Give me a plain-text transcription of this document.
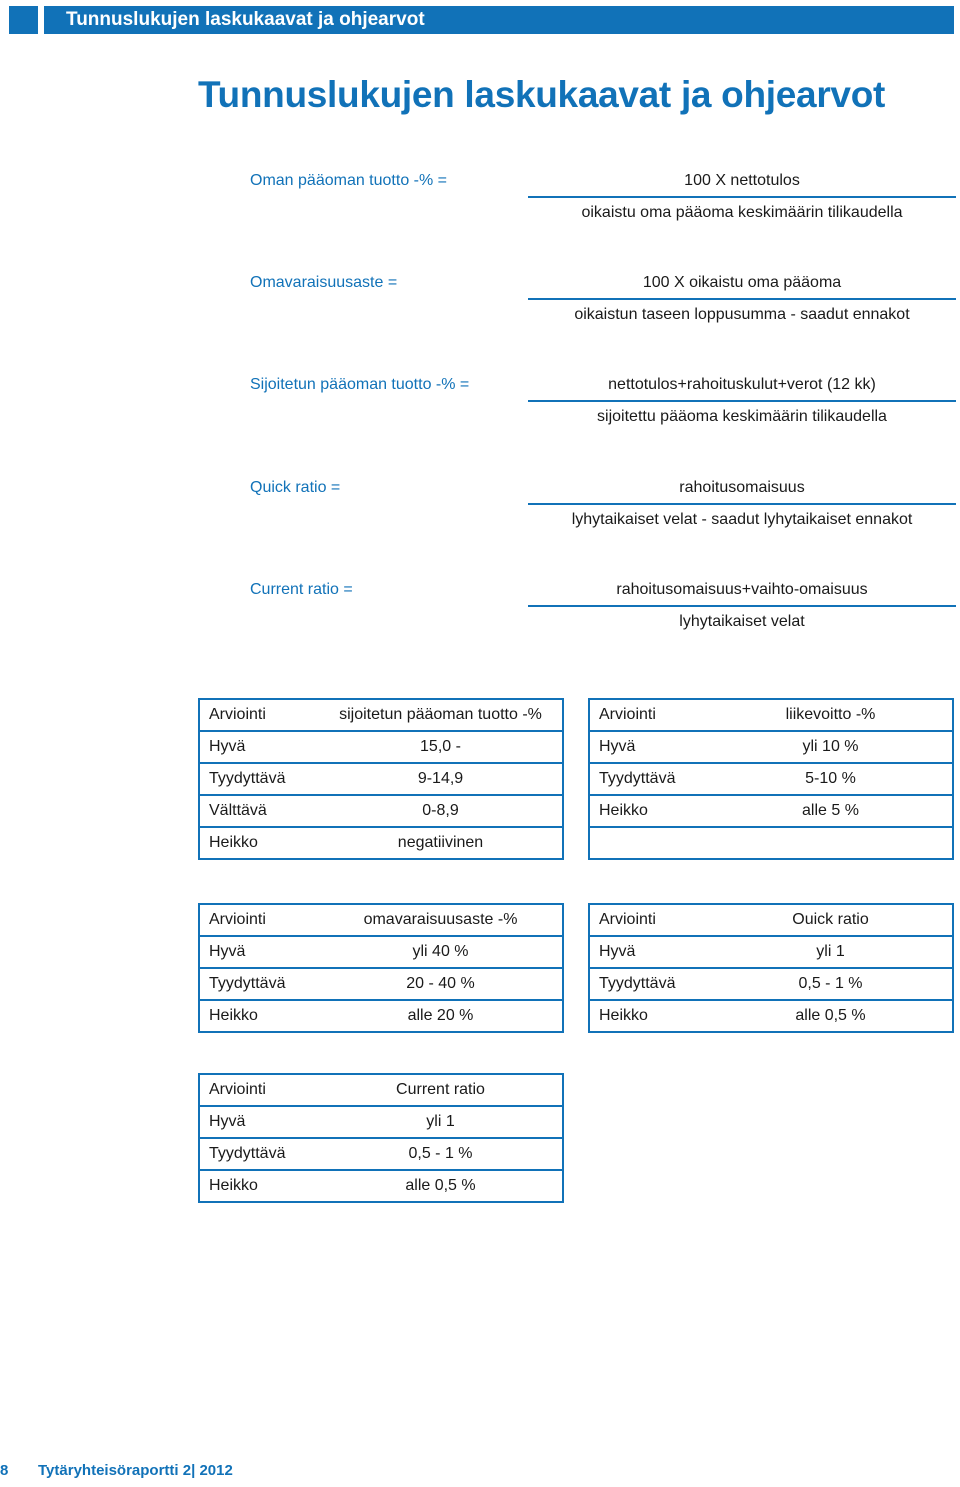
Tunnuslukujen laskukaavat ja ohjearvot
Tunnuslukujen laskukaavat ja ohjearvot
Oman pääoman tuotto -% =	100 X nettotulos
oikaistu oma pääoma keskimäärin tilikaudella
Omavaraisuusaste =	100 X oikaistu oma pääoma
oikaistun taseen loppusumma - saadut ennakot
Sijoitetun pääoman tuotto -% =	nettotulos+rahoituskulut+verot (12 kk)
sijoitettu pääoma keskimäärin tilikaudella
Quick ratio =	rahoitusomaisuus
lyhytaikaiset velat - saadut lyhytaikaiset ennakot
Current ratio =	rahoitusomaisuus+vaihto-omaisuus
lyhytaikaiset velat
Arviointi	sijoitetun pääoman tuotto -%
Hyvä	15,0 -
Tyydyttävä	9-14,9
Välttävä	0-8,9
Heikko	negatiivinen
Arviointi	liikevoitto -%
Hyvä	yli 10 %
Tyydyttävä	5-10 %
Heikko	alle 5 %

Arviointi	omavaraisuusaste -%
Hyvä	yli 40 %
Tyydyttävä	20 - 40 %
Heikko	alle 20 %
Arviointi	Ouick ratio
Hyvä	yli 1
Tyydyttävä	0,5 - 1 %
Heikko	alle 0,5 %
Arviointi	Current ratio
Hyvä	yli 1
Tyydyttävä	0,5 - 1 %
Heikko	alle 0,5 %
8 Tytäryhteisöraportti 2| 2012
